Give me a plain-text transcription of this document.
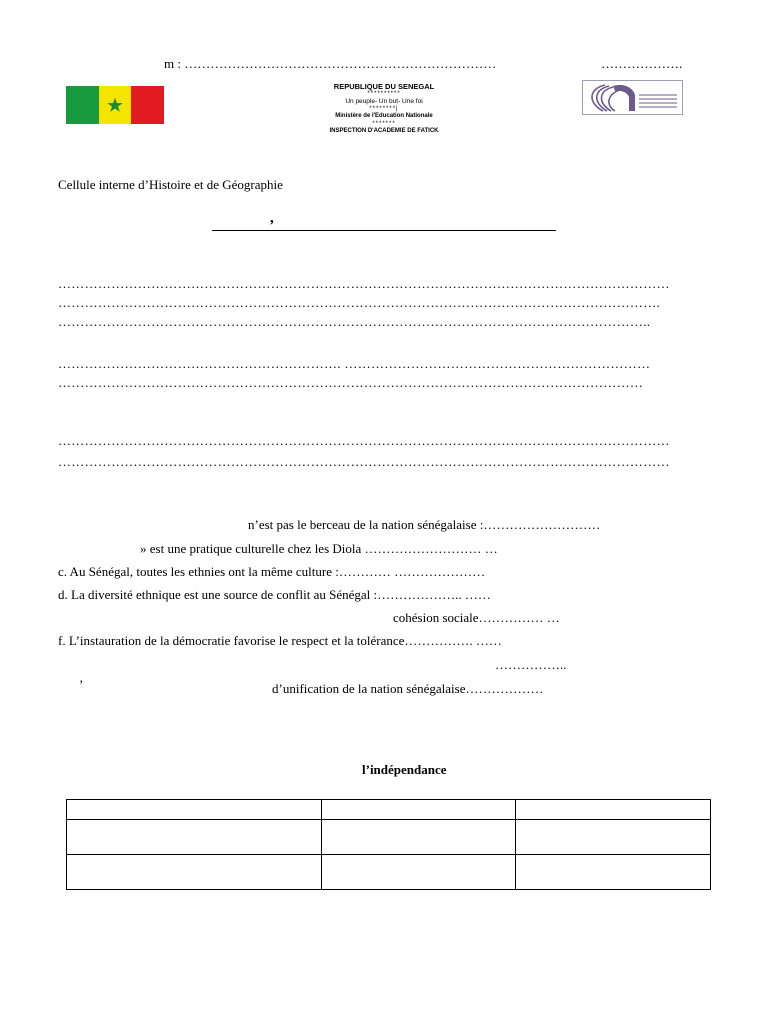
m : ………………………………………………………………	……………….
REPUBLIQUE DU SENEGAL
**********
Un peuple- Un but- Une foi
********|
Ministère de l'Education Nationale
*******
INSPECTION D'ACADEMIE DE FATICK
Cellule interne d’Histoire et de Géographie
,
…………………………………………………………………………………………………………………………
……………………………………………………………………………………………………………………….
……………………………………………………………………………………………………………………..
………………………………………………………. ……………………………………………………………
……………………………………………………………………………………………………………………
…………………………………………………………………………………………………………………………
…………………………………………………………………………………………………………………………
n’est pas le berceau de la nation sénégalaise :………………………
» est une pratique culturelle chez les Diola ……………………… …
c. Au Sénégal, toutes les ethnies ont la même culture :………… …………………
d. La diversité ethnique est une source de conflit au Sénégal :……………….. ……
cohésion sociale…………… …
f. L’instauration de la démocratie favorise le respect et la tolérance……………. ……
……………..
’	d’unification de la nation sénégalaise………………
l’indépendance
